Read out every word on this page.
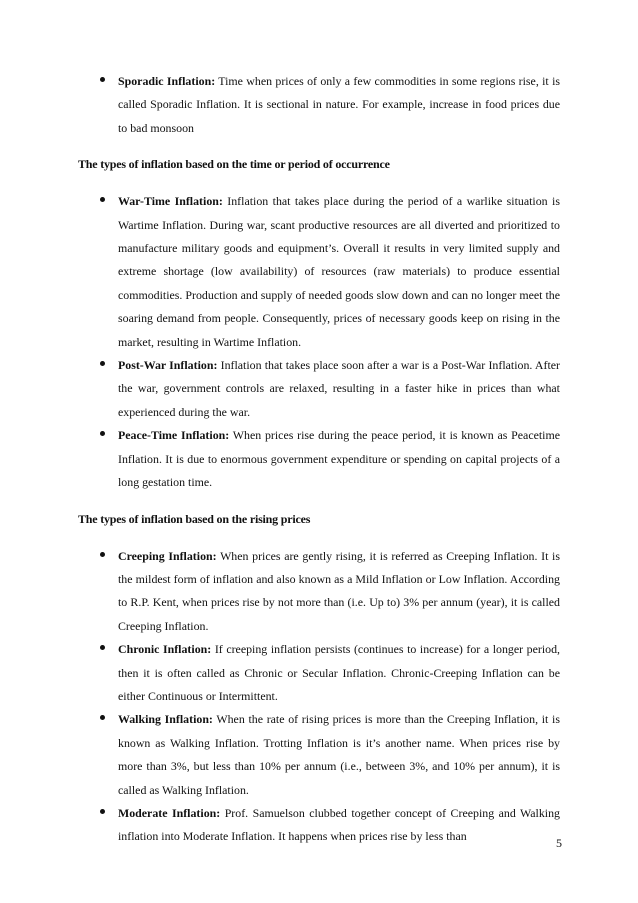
Sporadic Inflation: Time when prices of only a few commodities in some regions rise, it is called Sporadic Inflation. It is sectional in nature. For example, increase in food prices due to bad monsoon

The types of inflation based on the time or period of occurrence

War-Time Inflation: Inflation that takes place during the period of a warlike situation is Wartime Inflation. During war, scant productive resources are all diverted and prioritized to manufacture military goods and equipment’s. Overall it results in very limited supply and extreme shortage (low availability) of resources (raw materials) to produce essential commodities. Production and supply of needed goods slow down and can no longer meet the soaring demand from people. Consequently, prices of necessary goods keep on rising in the market, resulting in Wartime Inflation.

Post-War Inflation: Inflation that takes place soon after a war is a Post-War Inflation. After the war, government controls are relaxed, resulting in a faster hike in prices than what experienced during the war.

Peace-Time Inflation: When prices rise during the peace period, it is known as Peacetime Inflation. It is due to enormous government expenditure or spending on capital projects of a long gestation time.

The types of inflation based on the rising prices

Creeping Inflation: When prices are gently rising, it is referred as Creeping Inflation. It is the mildest form of inflation and also known as a Mild Inflation or Low Inflation. According to R.P. Kent, when prices rise by not more than (i.e. Up to) 3% per annum (year), it is called Creeping Inflation.

Chronic Inflation: If creeping inflation persists (continues to increase) for a longer period, then it is often called as Chronic or Secular Inflation. Chronic-Creeping Inflation can be either Continuous or Intermittent.

Walking Inflation: When the rate of rising prices is more than the Creeping Inflation, it is known as Walking Inflation. Trotting Inflation is it’s another name. When prices rise by more than 3%, but less than 10% per annum (i.e., between 3%, and 10% per annum), it is called as Walking Inflation.

Moderate Inflation: Prof. Samuelson clubbed together concept of Creeping and Walking inflation into Moderate Inflation. It happens when prices rise by less than	5
